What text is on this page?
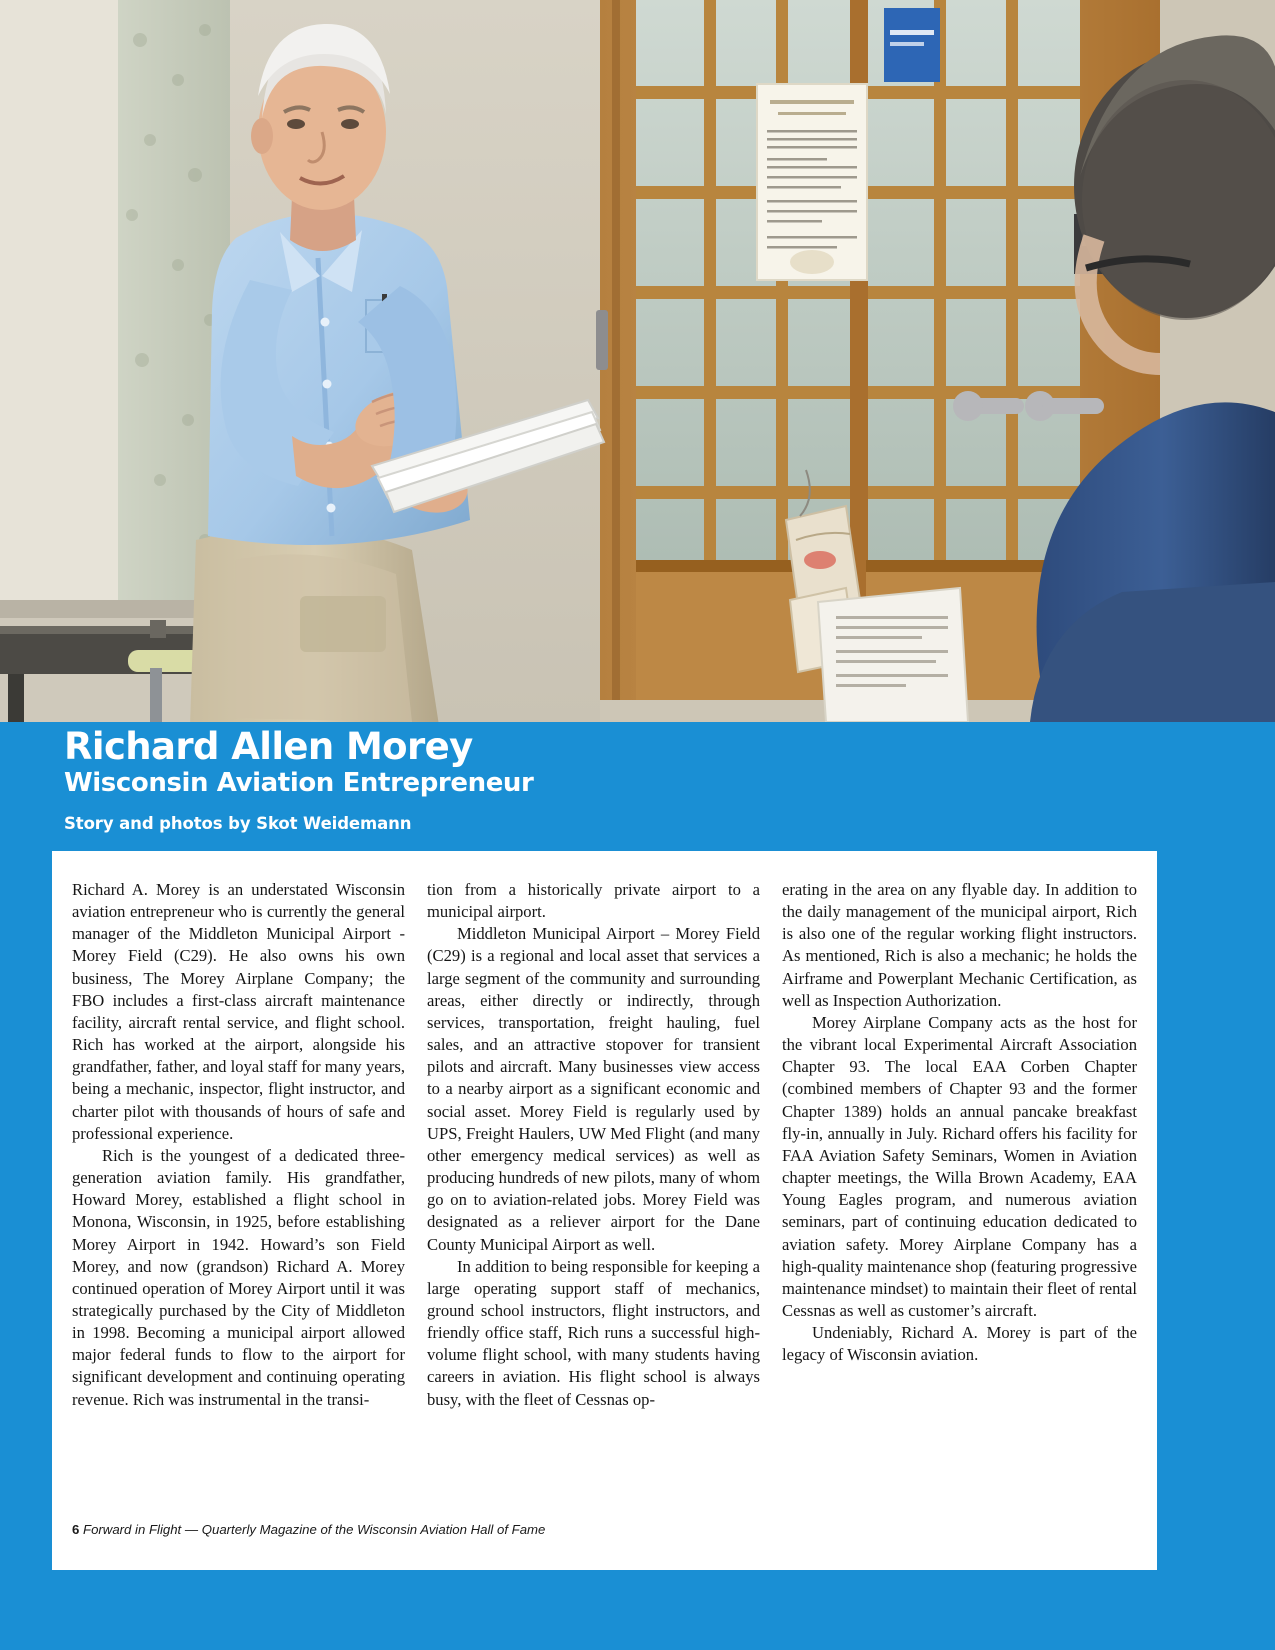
Richard Allen Morey
Wisconsin Aviation Entrepreneur
Story and photos by Skot Weidemann

Richard A. Morey is an understated Wisconsin aviation entrepreneur who is currently the general manager of the Middleton Municipal Airport - Morey Field (C29). He also owns his own business, The Morey Airplane Company; the FBO includes a first-class aircraft maintenance facility, aircraft rental service, and flight school. Rich has worked at the airport, alongside his grandfather, father, and loyal staff for many years, being a mechanic, inspector, flight instructor, and charter pilot with thousands of hours of safe and professional experience.

Rich is the youngest of a dedicated three-generation aviation family. His grandfather, Howard Morey, established a flight school in Monona, Wisconsin, in 1925, before establishing Morey Airport in 1942. Howard’s son Field Morey, and now (grandson) Richard A. Morey continued operation of Morey Airport until it was strategically purchased by the City of Middleton in 1998. Becoming a municipal airport allowed major federal funds to flow to the airport for significant development and continuing operating revenue. Rich was instrumental in the transi-

tion from a historically private airport to a municipal airport.

Middleton Municipal Airport – Morey Field (C29) is a regional and local asset that services a large segment of the community and surrounding areas, either directly or indirectly, through services, transportation, freight hauling, fuel sales, and an attractive stopover for transient pilots and aircraft. Many businesses view access to a nearby airport as a significant economic and social asset. Morey Field is regularly used by UPS, Freight Haulers, UW Med Flight (and many other emergency medical services) as well as producing hundreds of new pilots, many of whom go on to aviation-related jobs. Morey Field was designated as a reliever airport for the Dane County Municipal Airport as well.

In addition to being responsible for keeping a large operating support staff of mechanics, ground school instructors, flight instructors, and friendly office staff, Rich runs a successful high-volume flight school, with many students having careers in aviation. His flight school is always busy, with the fleet of Cessnas op-

erating in the area on any flyable day. In addition to the daily management of the municipal airport, Rich is also one of the regular working flight instructors. As mentioned, Rich is also a mechanic; he holds the Airframe and Powerplant Mechanic Certification, as well as Inspection Authorization.

Morey Airplane Company acts as the host for the vibrant local Experimental Aircraft Association Chapter 93. The local EAA Corben Chapter (combined members of Chapter 93 and the former Chapter 1389) holds an annual pancake breakfast fly-in, annually in July. Richard offers his facility for FAA Aviation Safety Seminars, Women in Aviation chapter meetings, the Willa Brown Academy, EAA Young Eagles program, and numerous aviation seminars, part of continuing education dedicated to aviation safety. Morey Airplane Company has a high-quality maintenance shop (featuring progressive maintenance mindset) to maintain their fleet of rental Cessnas as well as customer’s aircraft.

Undeniably, Richard A. Morey is part of the legacy of Wisconsin aviation.

6 Forward in Flight — Quarterly Magazine of the Wisconsin Aviation Hall of Fame
